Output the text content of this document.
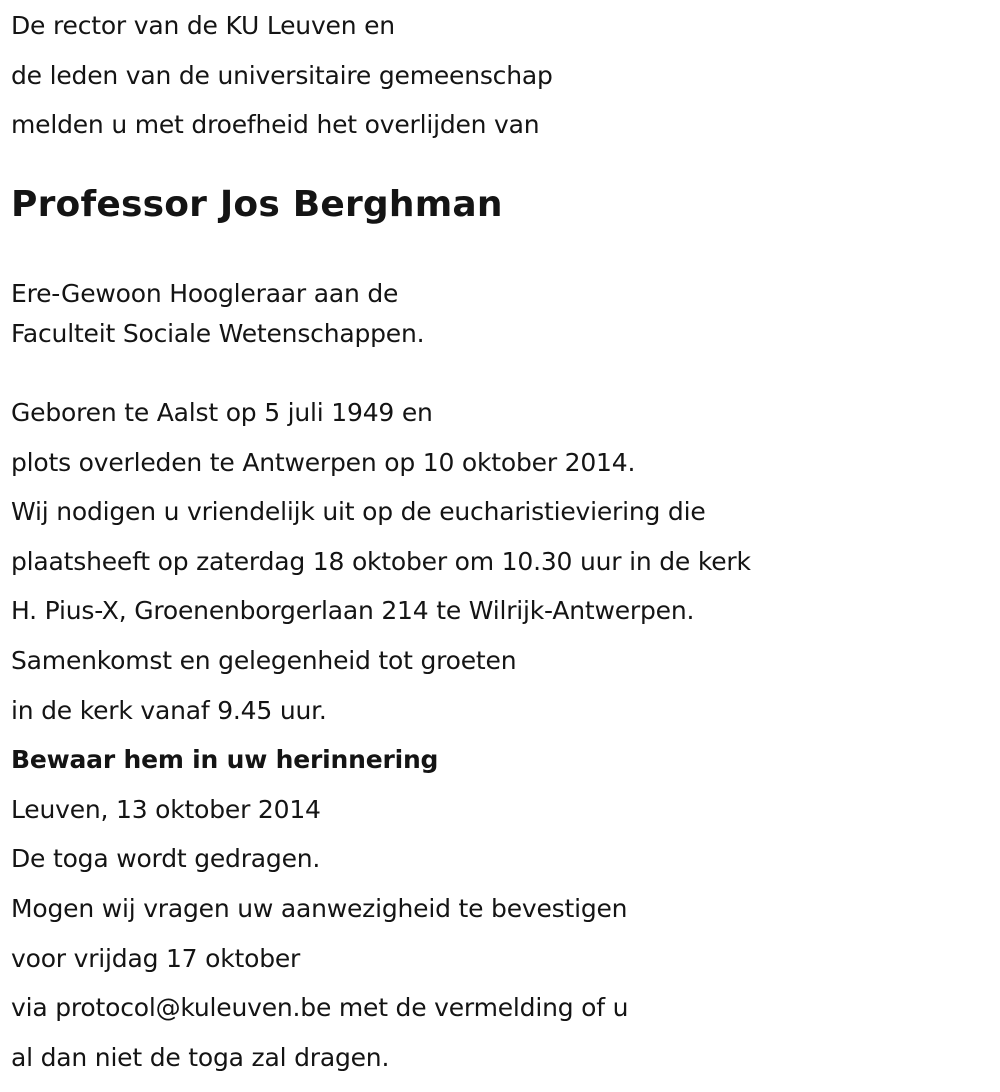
De rector van de KU Leuven en
de leden van de universitaire gemeenschap
melden u met droefheid het overlijden van
Professor Jos Berghman
Ere-Gewoon Hoogleraar aan de
Faculteit Sociale Wetenschappen.
Geboren te Aalst op 5 juli 1949 en
plots overleden te Antwerpen op 10 oktober 2014.
Wij nodigen u vriendelijk uit op de eucharistieviering die
plaatsheeft op zaterdag 18 oktober om 10.30 uur in de kerk
H. Pius-X, Groenenborgerlaan 214 te Wilrijk-Antwerpen.
Samenkomst en gelegenheid tot groeten
in de kerk vanaf 9.45 uur.
Bewaar hem in uw herinnering
Leuven, 13 oktober 2014
De toga wordt gedragen.
Mogen wij vragen uw aanwezigheid te bevestigen
voor vrijdag 17 oktober
via protocol@kuleuven.be met de vermelding of u
al dan niet de toga zal dragen.
